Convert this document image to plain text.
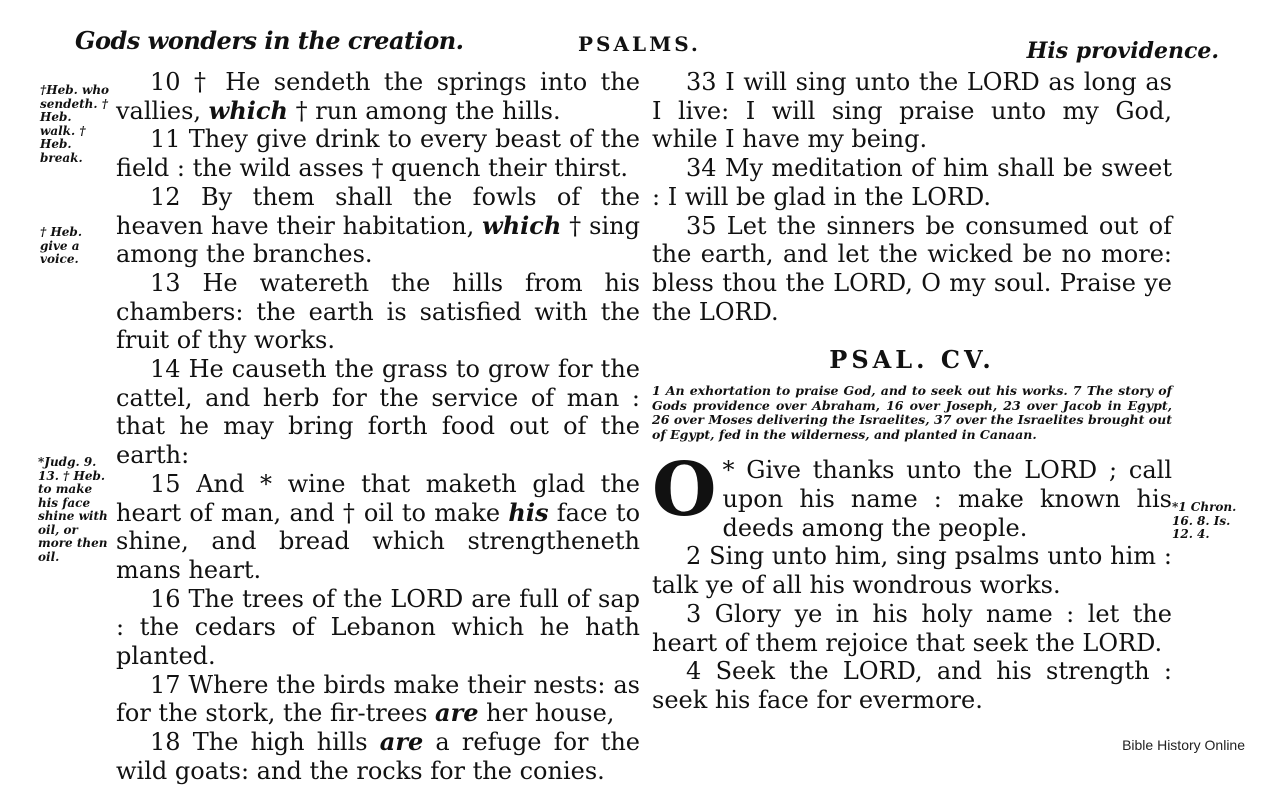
Gods wonders in the creation.	PSALMS.	His providence.
†Heb. who sendeth. † Heb. walk. † Heb. break.
† Heb. give a voice.
*Judg. 9. 13. † Heb. to make his face shine with oil, or more then oil.
*1 Chron. 16. 8. Is. 12. 4.

10 † He sendeth the springs into the vallies, which † run among the hills.

11 They give drink to every beast of the field : the wild asses † quench their thirst.

12 By them shall the fowls of the heaven have their habitation, which † sing among the branches.

13 He watereth the hills from his chambers: the earth is satisfied with the fruit of thy works.

14 He causeth the grass to grow for the cattel, and herb for the service of man : that he may bring forth food out of the earth:

15 And * wine that maketh glad the heart of man, and † oil to make his face to shine, and bread which strengtheneth mans heart.

16 The trees of the LORD are full of sap : the cedars of Lebanon which he hath planted.

17 Where the birds make their nests: as for the stork, the fir-trees are her house,

18 The high hills are a refuge for the wild goats: and the rocks for the conies.

33 I will sing unto the LORD as long as I live: I will sing praise unto my God, while I have my being.

34 My meditation of him shall be sweet : I will be glad in the LORD.

35 Let the sinners be consumed out of the earth, and let the wicked be no more: bless thou the LORD, O my soul. Praise ye the LORD.

PSAL. CV.
1 An exhortation to praise God, and to seek out his works. 7 The story of Gods providence over Abraham, 16 over Joseph, 23 over Jacob in Egypt, 26 over Moses delivering the Israelites, 37 over the Israelites brought out of Egypt, fed in the wilderness, and planted in Canaan.
O * Give thanks unto the LORD ; call upon his name : make known his deeds among the people.

2 Sing unto him, sing psalms unto him : talk ye of all his wondrous works.

3 Glory ye in his holy name : let the heart of them rejoice that seek the LORD.

4 Seek the LORD, and his strength : seek his face for evermore.

Bible History Online
